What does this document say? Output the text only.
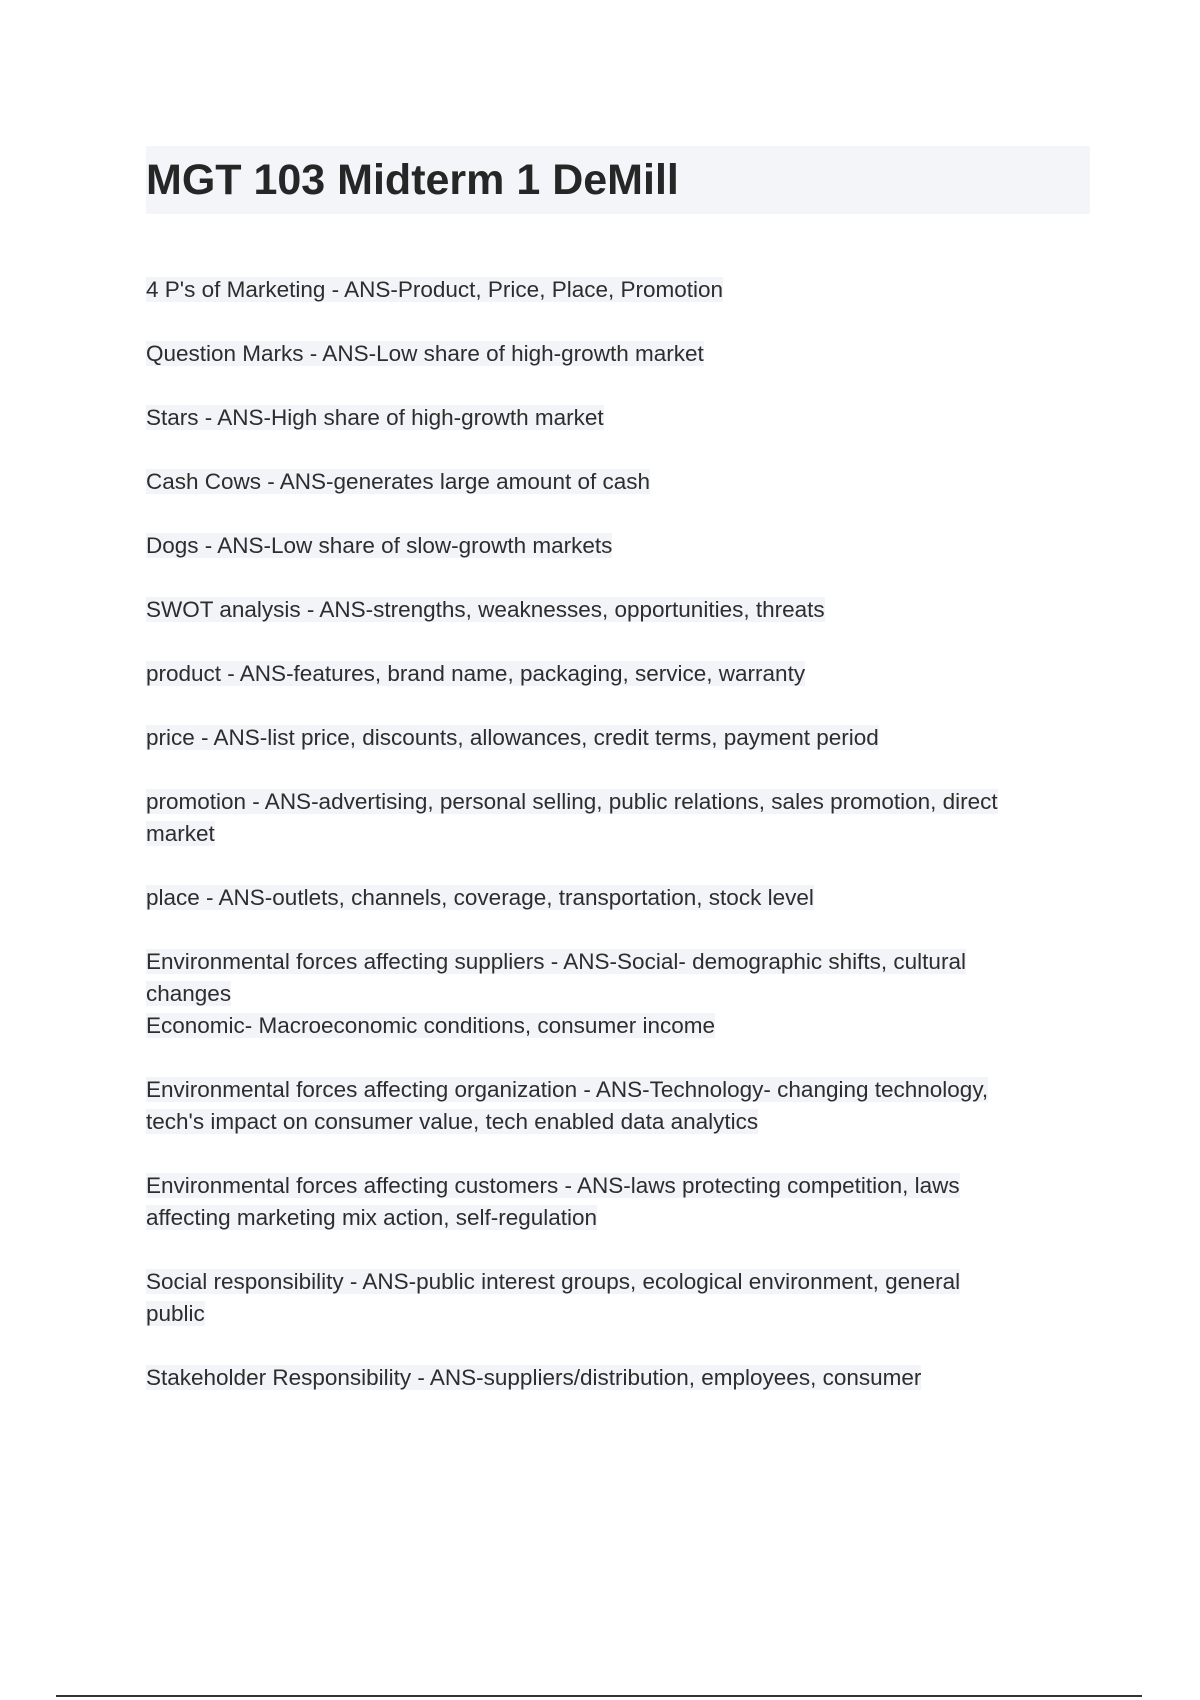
MGT 103 Midterm 1 DeMill

4 P's of Marketing - ANS-Product, Price, Place, Promotion

Question Marks - ANS-Low share of high-growth market

Stars - ANS-High share of high-growth market

Cash Cows - ANS-generates large amount of cash

Dogs - ANS-Low share of slow-growth markets

SWOT analysis - ANS-strengths, weaknesses, opportunities, threats

product - ANS-features, brand name, packaging, service, warranty

price - ANS-list price, discounts, allowances, credit terms, payment period

promotion - ANS-advertising, personal selling, public relations, sales promotion, direct
market

place - ANS-outlets, channels, coverage, transportation, stock level

Environmental forces affecting suppliers - ANS-Social- demographic shifts, cultural
changes
Economic- Macroeconomic conditions, consumer income

Environmental forces affecting organization - ANS-Technology- changing technology,
tech's impact on consumer value, tech enabled data analytics

Environmental forces affecting customers - ANS-laws protecting competition, laws
affecting marketing mix action, self-regulation

Social responsibility - ANS-public interest groups, ecological environment, general
public

Stakeholder Responsibility - ANS-suppliers/distribution, employees, consumer
